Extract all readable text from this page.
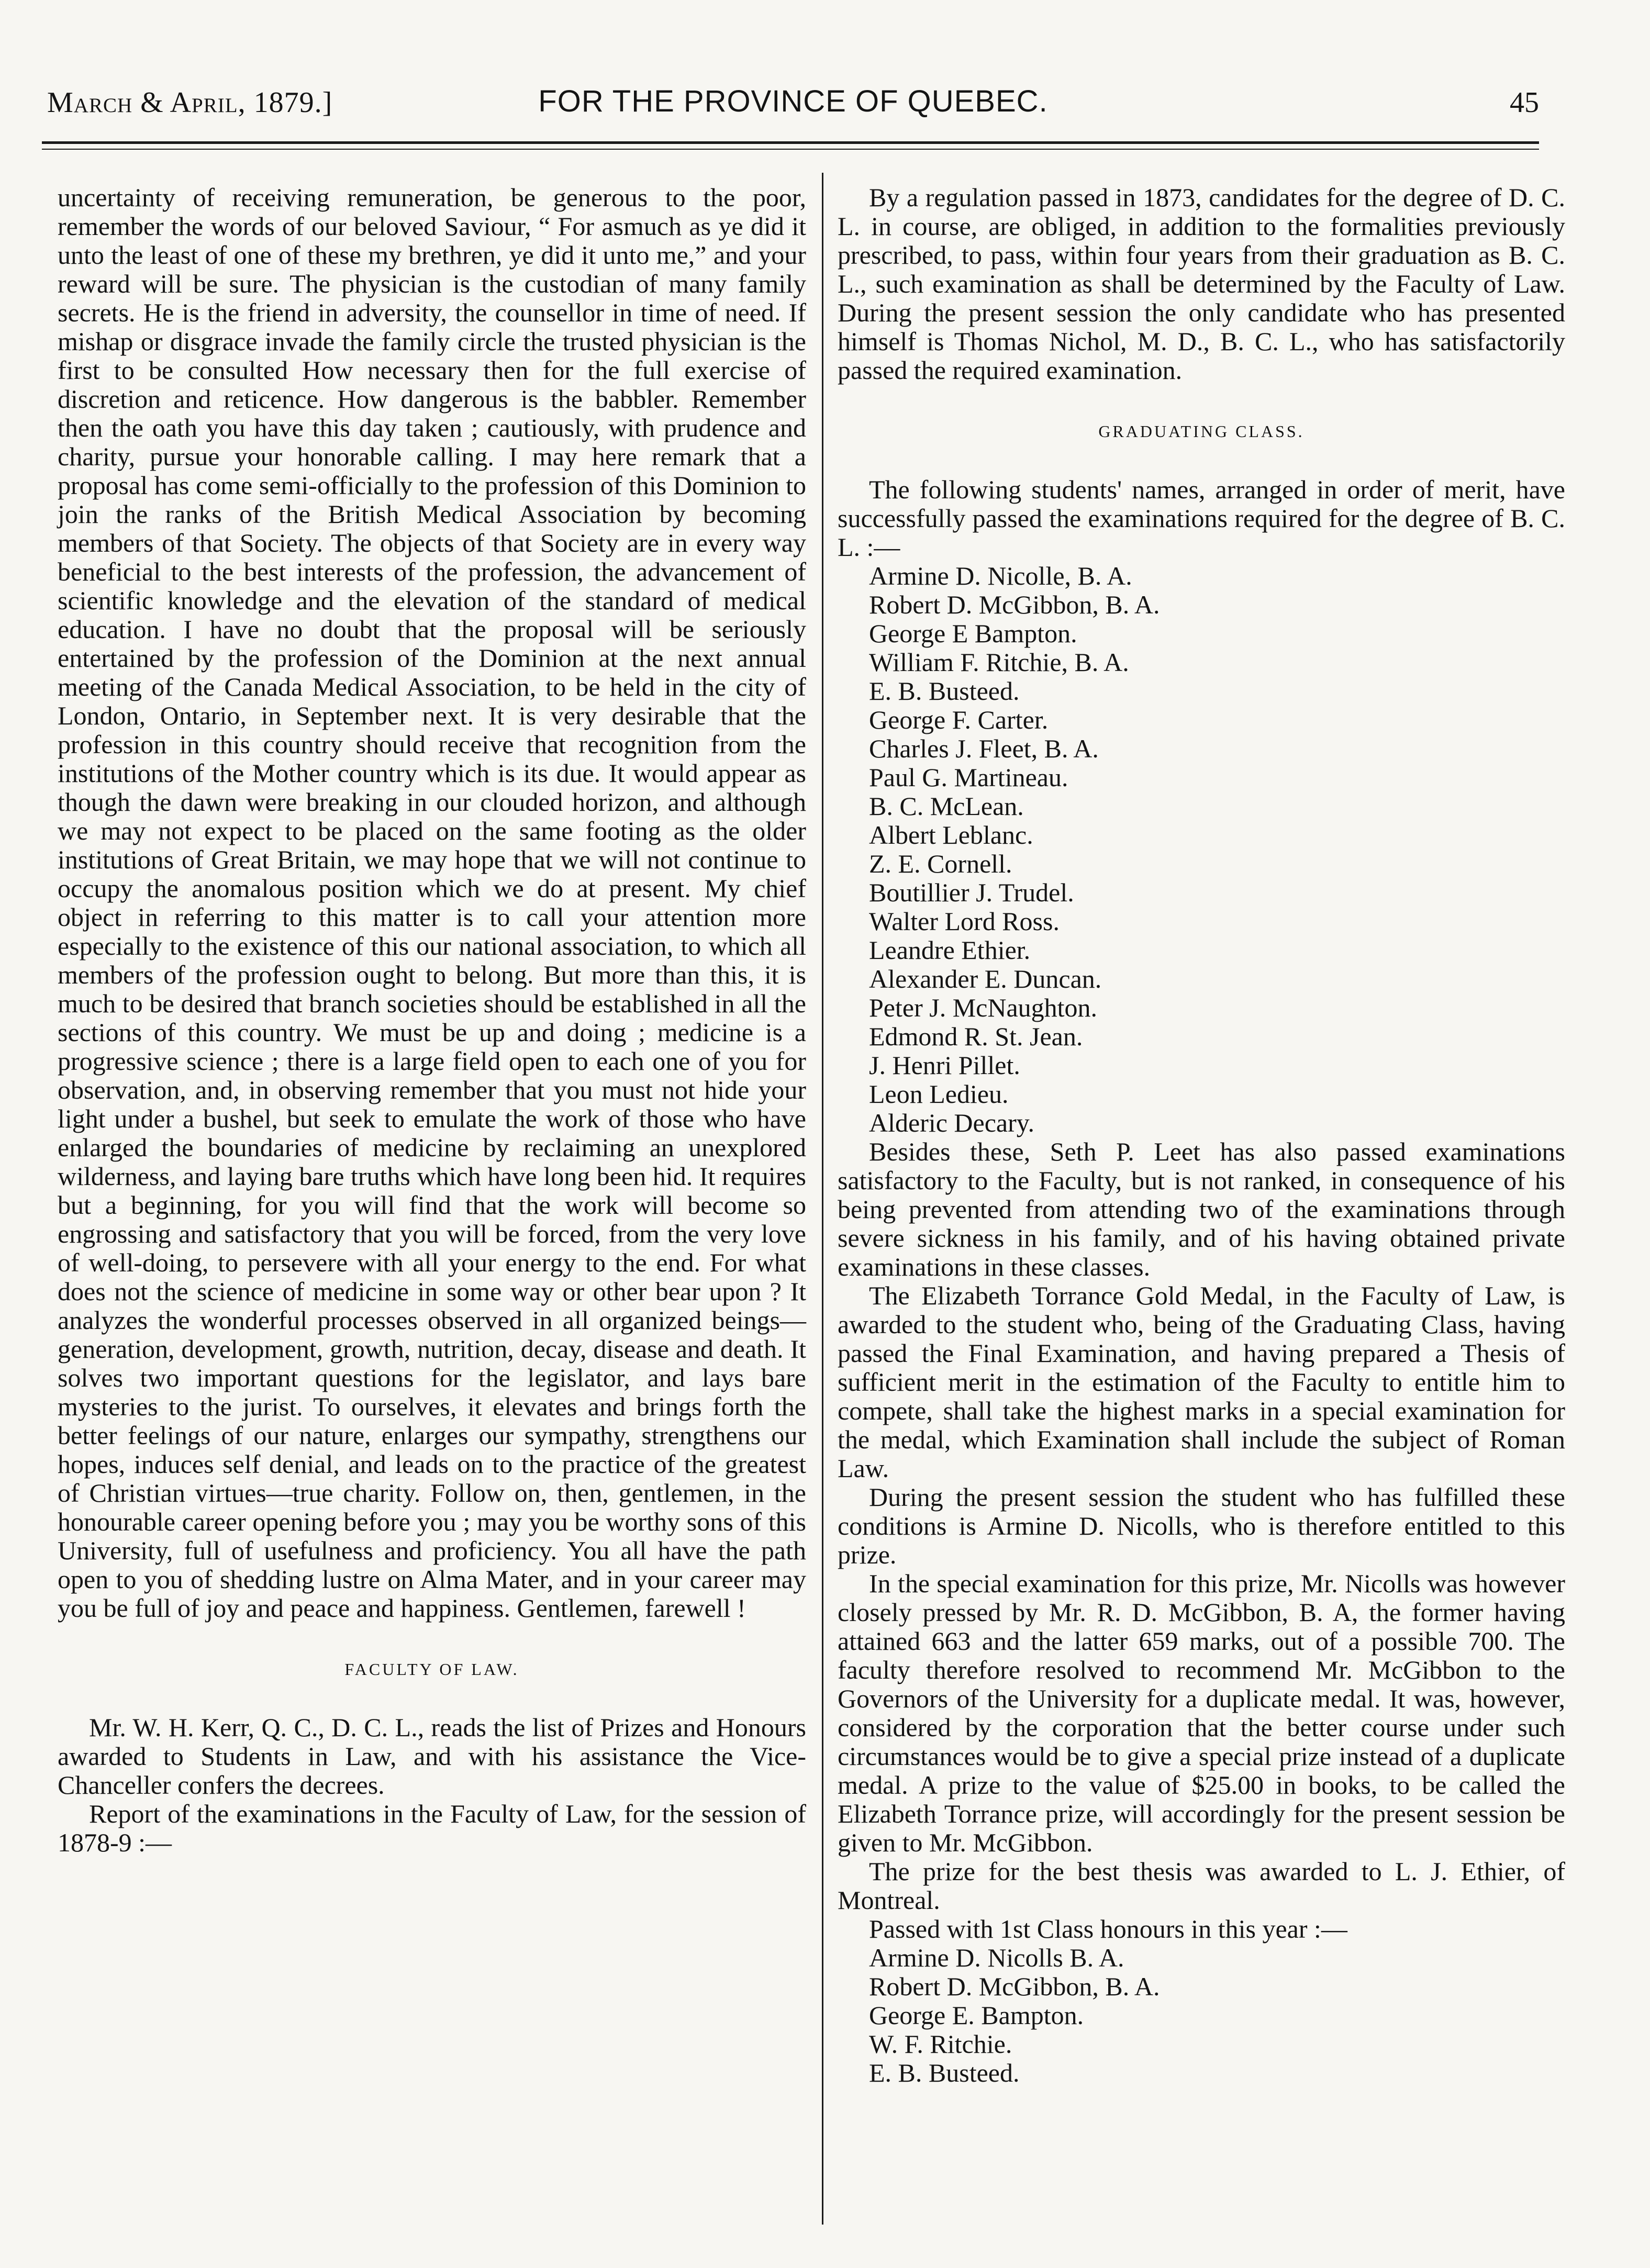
March & April, 1879.]	FOR THE PROVINCE OF QUEBEC.	45

uncertainty of receiving remuneration, be generous to the poor, remember the words of our beloved Saviour, “ For asmuch as ye did it unto the least of one of these my brethren, ye did it unto me,” and your reward will be sure. The physician is the custodian of many family secrets. He is the friend in adversity, the counsellor in time of need. If mishap or disgrace invade the family circle the trusted physician is the first to be consulted How necessary then for the full exercise of discretion and reticence. How dangerous is the babbler. Remember then the oath you have this day taken ; cautiously, with prudence and charity, pursue your honorable calling. I may here remark that a proposal has come semi-officially to the profession of this Dominion to join the ranks of the British Medical Association by becoming members of that Society. The objects of that Society are in every way beneficial to the best interests of the profession, the advancement of scientific knowledge and the elevation of the standard of medical education. I have no doubt that the proposal will be seriously entertained by the profession of the Dominion at the next annual meeting of the Canada Medical Association, to be held in the city of London, Ontario, in September next. It is very desirable that the profession in this country should receive that recognition from the institutions of the Mother country which is its due. It would appear as though the dawn were breaking in our clouded horizon, and although we may not expect to be placed on the same footing as the older institutions of Great Britain, we may hope that we will not continue to occupy the anomalous position which we do at present. My chief object in referring to this matter is to call your attention more especially to the existence of this our national association, to which all members of the profession ought to belong. But more than this, it is much to be desired that branch societies should be established in all the sections of this country. We must be up and doing ; medicine is a progressive science ; there is a large field open to each one of you for observation, and, in observing remember that you must not hide your light under a bushel, but seek to emulate the work of those who have enlarged the boundaries of medicine by reclaiming an unexplored wilderness, and laying bare truths which have long been hid. It requires but a beginning, for you will find that the work will become so engrossing and satisfactory that you will be forced, from the very love of well-doing, to persevere with all your energy to the end. For what does not the science of medicine in some way or other bear upon ? It analyzes the wonderful processes observed in all organized beings—generation, development, growth, nutrition, decay, disease and death. It solves two important questions for the legislator, and lays bare mysteries to the jurist. To ourselves, it elevates and brings forth the better feelings of our nature, enlarges our sympathy, strengthens our hopes, induces self denial, and leads on to the practice of the greatest of Christian virtues—true charity. Follow on, then, gentlemen, in the honourable career opening before you ; may you be worthy sons of this University, full of usefulness and proficiency. You all have the path open to you of shedding lustre on Alma Mater, and in your career may you be full of joy and peace and happiness. Gentlemen, farewell !

FACULTY OF LAW.

Mr. W. H. Kerr, Q. C., D. C. L., reads the list of Prizes and Honours awarded to Students in Law, and with his assistance the Vice-Chanceller confers the decrees.

Report of the examinations in the Faculty of Law, for the session of 1878-9 :—

By a regulation passed in 1873, candidates for the degree of D. C. L. in course, are obliged, in addition to the formalities previously prescribed, to pass, within four years from their graduation as B. C. L., such examination as shall be determined by the Faculty of Law. During the present session the only candidate who has presented himself is Thomas Nichol, M. D., B. C. L., who has satisfactorily passed the required examination.

GRADUATING CLASS.

The following students' names, arranged in order of merit, have successfully passed the examinations required for the degree of B. C. L. :—

Armine D. Nicolle, B. A.
Robert D. McGibbon, B. A.
George E Bampton.
William F. Ritchie, B. A.
E. B. Busteed.
George F. Carter.
Charles J. Fleet, B. A.
Paul G. Martineau.
B. C. McLean.
Albert Leblanc.
Z. E. Cornell.
Boutillier J. Trudel.
Walter Lord Ross.
Leandre Ethier.
Alexander E. Duncan.
Peter J. McNaughton.
Edmond R. St. Jean.
J. Henri Pillet.
Leon Ledieu.
Alderic Decary.

Besides these, Seth P. Leet has also passed examinations satisfactory to the Faculty, but is not ranked, in consequence of his being prevented from attending two of the examinations through severe sickness in his family, and of his having obtained private examinations in these classes.

The Elizabeth Torrance Gold Medal, in the Faculty of Law, is awarded to the student who, being of the Graduating Class, having passed the Final Examination, and having prepared a Thesis of sufficient merit in the estimation of the Faculty to entitle him to compete, shall take the highest marks in a special examination for the medal, which Examination shall include the subject of Roman Law.

During the present session the student who has fulfilled these conditions is Armine D. Nicolls, who is therefore entitled to this prize.

In the special examination for this prize, Mr. Nicolls was however closely pressed by Mr. R. D. McGibbon, B. A, the former having attained 663 and the latter 659 marks, out of a possible 700. The faculty therefore resolved to recommend Mr. McGibbon to the Governors of the University for a duplicate medal. It was, however, considered by the corporation that the better course under such circumstances would be to give a special prize instead of a duplicate medal. A prize to the value of $25.00 in books, to be called the Elizabeth Torrance prize, will accordingly for the present session be given to Mr. McGibbon.

The prize for the best thesis was awarded to L. J. Ethier, of Montreal.

Passed with 1st Class honours in this year :—

Armine D. Nicolls B. A.
Robert D. McGibbon, B. A.
George E. Bampton.
W. F. Ritchie.
E. B. Busteed.
